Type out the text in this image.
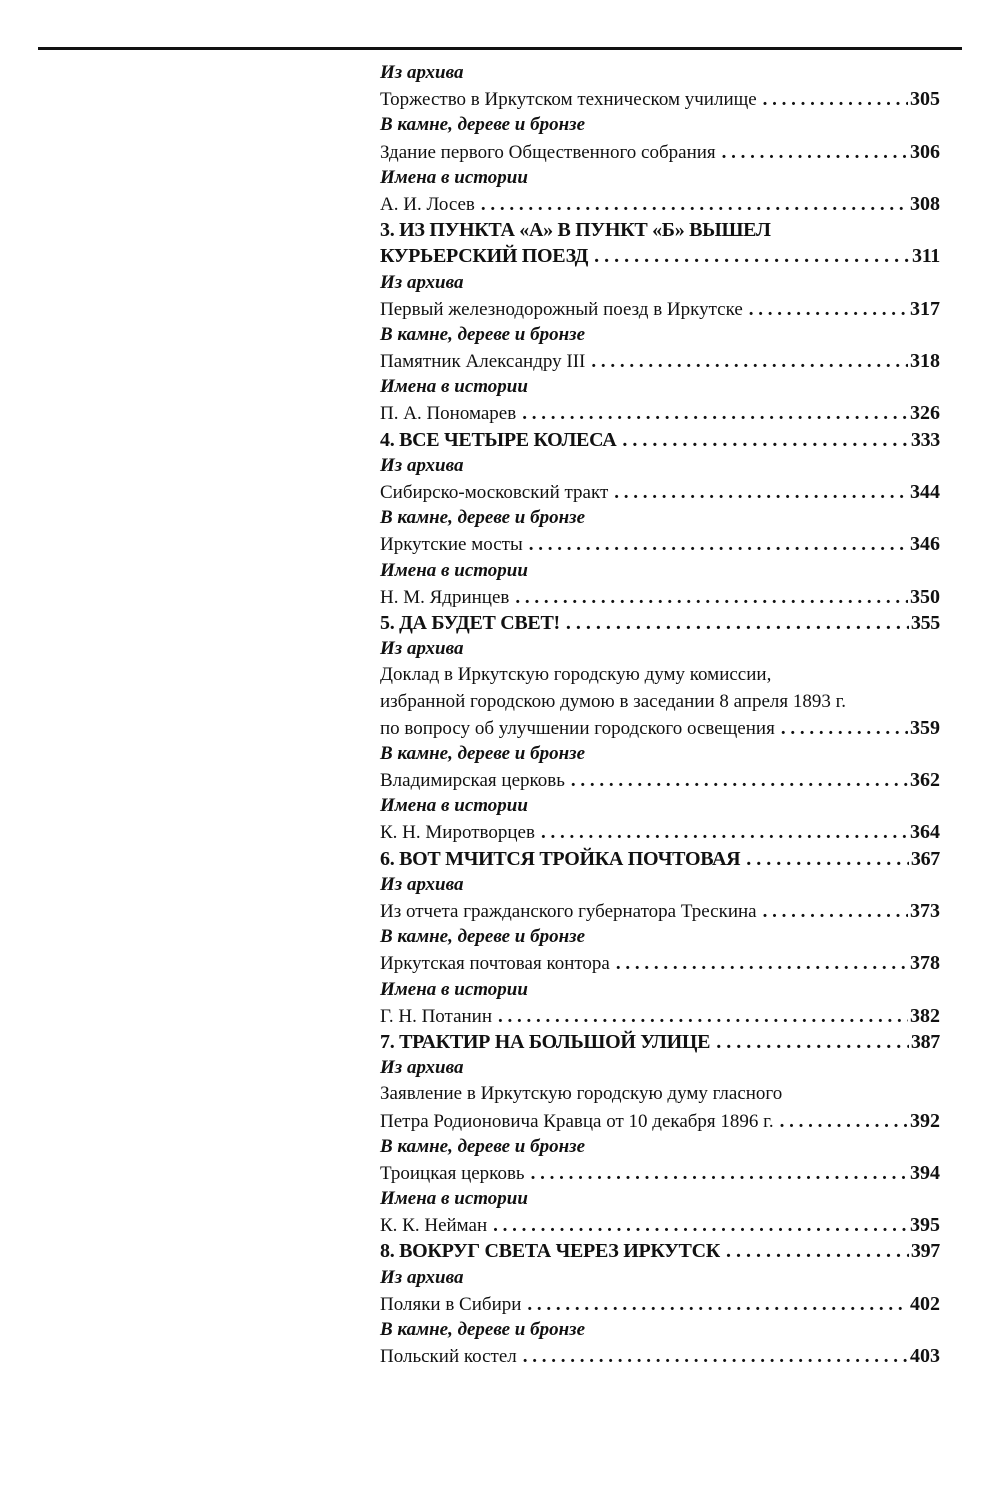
Из архива
Торжество в Иркутском техническом училище . . .	305
В камне, дереве и бронзе
Здание первого Общественного собрания . . .	306
Имена в истории
А. И. Лосев . . .	308
3. ИЗ ПУНКТА «А» В ПУНКТ «Б» ВЫШЕЛ
КУРЬЕРСКИЙ ПОЕЗД . . .	311
Из архива
Первый железнодорожный поезд в Иркутске . . .	317
В камне, дереве и бронзе
Памятник Александру III . . .	318
Имена в истории
П. А. Пономарев . . .	326
4. ВСЕ ЧЕТЫРЕ КОЛЕСА . . .	333
Из архива
Сибирско-московский тракт . . .	344
В камне, дереве и бронзе
Иркутские мосты . . .	346
Имена в истории
Н. М. Ядринцев . . .	350
5. ДА БУДЕТ СВЕТ! . . .	355
Из архива
Доклад в Иркутскую городскую думу комиссии,
избранной городскою думою в заседании 8 апреля 1893 г.
по вопросу об улучшении городского освещения . . .	359
В камне, дереве и бронзе
Владимирская церковь . . .	362
Имена в истории
К. Н. Миротворцев . . .	364
6. ВОТ МЧИТСЯ ТРОЙКА ПОЧТОВАЯ . . .	367
Из архива
Из отчета гражданского губернатора Трескина . . .	373
В камне, дереве и бронзе
Иркутская почтовая контора . . .	378
Имена в истории
Г. Н. Потанин . . .	382
7. ТРАКТИР НА БОЛЬШОЙ УЛИЦЕ . . .	387
Из архива
Заявление в Иркутскую городскую думу гласного
Петра Родионовича Кравца от 10 декабря 1896 г. . . .	392
В камне, дереве и бронзе
Троицкая церковь . . .	394
Имена в истории
К. К. Нейман . . .	395
8. ВОКРУГ СВЕТА ЧЕРЕЗ ИРКУТСК . . .	397
Из архива
Поляки в Сибири . . .	402
В камне, дереве и бронзе
Польский костел . . .	403
